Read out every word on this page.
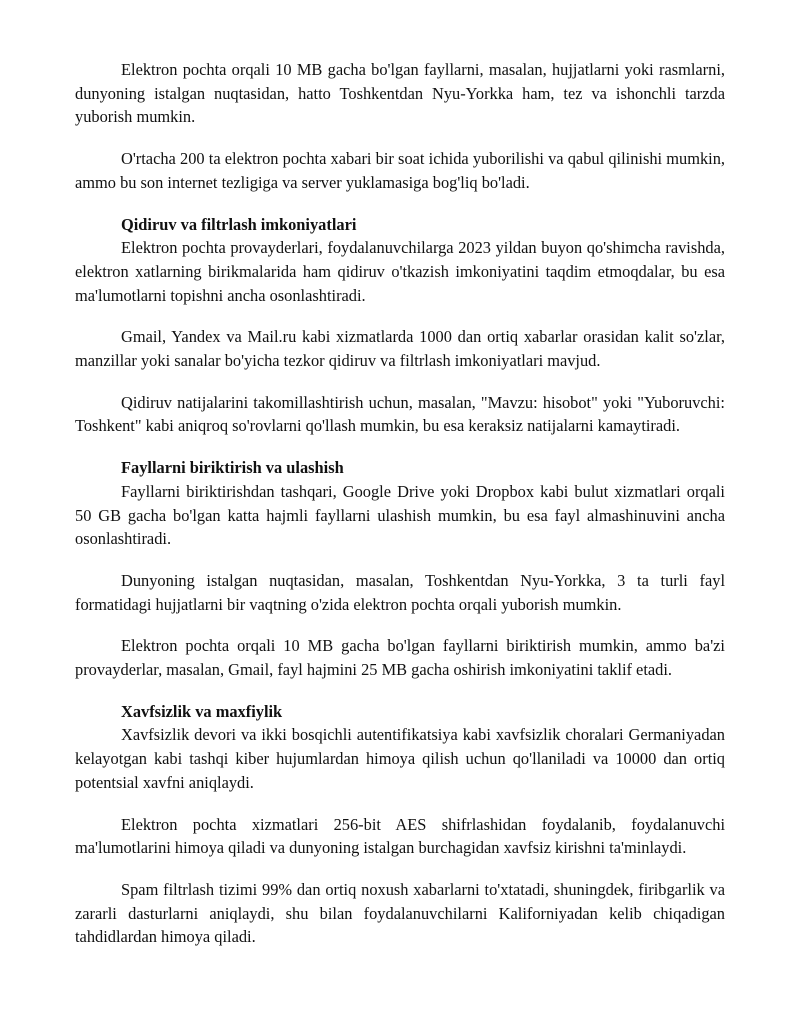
Elektron pochta orqali 10 MB gacha bo'lgan fayllarni, masalan, hujjatlarni yoki rasmlarni, dunyoning istalgan nuqtasidan, hatto Toshkentdan Nyu-Yorkka ham, tez va ishonchli tarzda yuborish mumkin.

O'rtacha 200 ta elektron pochta xabari bir soat ichida yuborilishi va qabul qilinishi mumkin, ammo bu son internet tezligiga va server yuklamasiga bog'liq bo'ladi.

Qidiruv va filtrlash imkoniyatlari

Elektron pochta provayderlari, foydalanuvchilarga 2023 yildan buyon qo'shimcha ravishda, elektron xatlarning birikmalarida ham qidiruv o'tkazish imkoniyatini taqdim etmoqdalar, bu esa ma'lumotlarni topishni ancha osonlashtiradi.

Gmail, Yandex va Mail.ru kabi xizmatlarda 1000 dan ortiq xabarlar orasidan kalit so'zlar, manzillar yoki sanalar bo'yicha tezkor qidiruv va filtrlash imkoniyatlari mavjud.

Qidiruv natijalarini takomillashtirish uchun, masalan, "Mavzu: hisobot" yoki "Yuboruvchi: Toshkent" kabi aniqroq so'rovlarni qo'llash mumkin, bu esa keraksiz natijalarni kamaytiradi.

Fayllarni biriktirish va ulashish

Fayllarni biriktirishdan tashqari, Google Drive yoki Dropbox kabi bulut xizmatlari orqali 50 GB gacha bo'lgan katta hajmli fayllarni ulashish mumkin, bu esa fayl almashinuvini ancha osonlashtiradi.

Dunyoning istalgan nuqtasidan, masalan, Toshkentdan Nyu-Yorkka, 3 ta turli fayl formatidagi hujjatlarni bir vaqtning o'zida elektron pochta orqali yuborish mumkin.

Elektron pochta orqali 10 MB gacha bo'lgan fayllarni biriktirish mumkin, ammo ba'zi provayderlar, masalan, Gmail, fayl hajmini 25 MB gacha oshirish imkoniyatini taklif etadi.

Xavfsizlik va maxfiylik

Xavfsizlik devori va ikki bosqichli autentifikatsiya kabi xavfsizlik choralari Germaniyadan kelayotgan kabi tashqi kiber hujumlardan himoya qilish uchun qo'llaniladi va 10000 dan ortiq potentsial xavfni aniqlaydi.

Elektron pochta xizmatlari 256-bit AES shifrlashidan foydalanib, foydalanuvchi ma'lumotlarini himoya qiladi va dunyoning istalgan burchagidan xavfsiz kirishni ta'minlaydi.

Spam filtrlash tizimi 99% dan ortiq noxush xabarlarni to'xtatadi, shuningdek, firibgarlik va zararli dasturlarni aniqlaydi, shu bilan foydalanuvchilarni Kaliforniyadan kelib chiqadigan tahdidlardan himoya qiladi.
